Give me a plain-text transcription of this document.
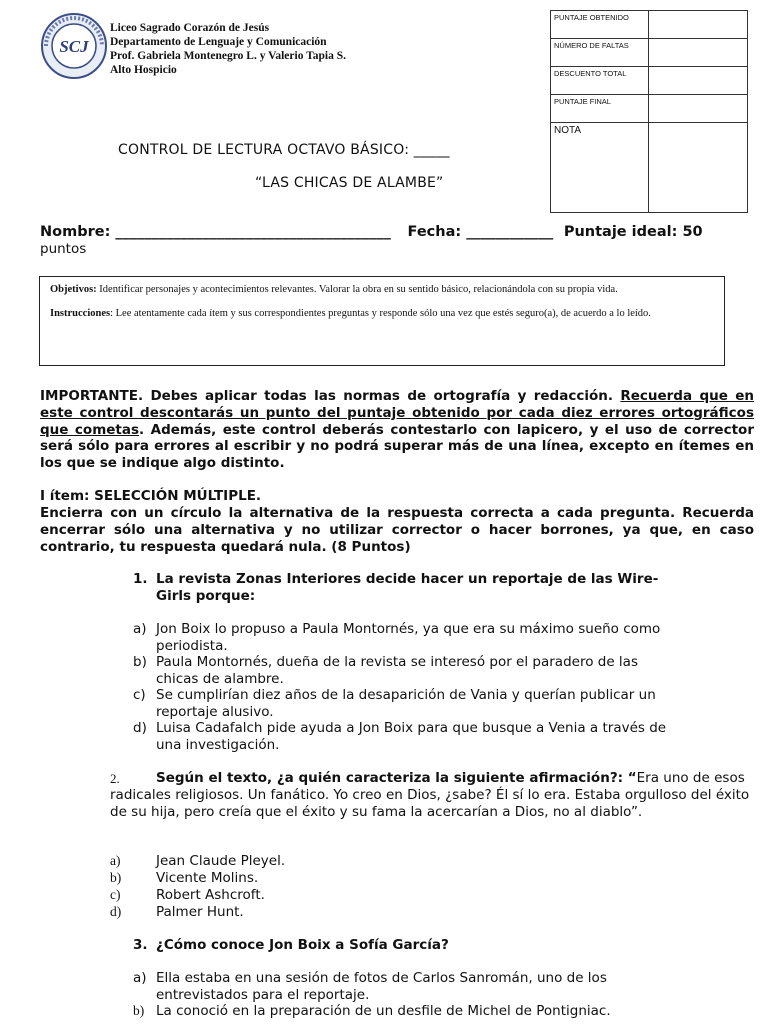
SCJ
Liceo Sagrado Corazón de Jesús
Departamento de Lenguaje y Comunicación
Prof. Gabriela Montenegro L. y Valerio Tapia S.
Alto Hospicio
PUNTAJE OBTENIDO	
NÚMERO DE FALTAS	
DESCUENTO TOTAL	
PUNTAJE FINAL	
NOTA	
CONTROL DE LECTURA OCTAVO BÁSICO: _____
“LAS CHICAS DE ALAMBE”
Nombre: ______________________________________ Fecha: ____________ Puntaje ideal: 50
puntos

Objetivos: Identificar personajes y acontecimientos relevantes. Valorar la obra en su sentido básico, relacionándola con su propia vida.

Instrucciones: Lee atentamente cada ítem y sus correspondientes preguntas y responde sólo una vez que estés seguro(a), de acuerdo a lo leído.

IMPORTANTE. Debes aplicar todas las normas de ortografía y redacción. Recuerda que en este control descontarás un punto del puntaje obtenido por cada diez errores ortográficos que cometas. Además, este control deberás contestarlo con lapicero, y el uso de corrector será sólo para errores al escribir y no podrá superar más de una línea, excepto en ítemes en los que se indique algo distinto.
I ítem: SELECCIÓN MÚLTIPLE.
Encierra con un círculo la alternativa de la respuesta correcta a cada pregunta. Recuerda encerrar sólo una alternativa y no utilizar corrector o hacer borrones, ya que, en caso contrario, tu respuesta quedará nula. (8 Puntos)
1. La revista Zonas Interiores decide hacer un reportaje de las Wire-
Girls porque:
a) Jon Boix lo propuso a Paula Montornés, ya que era su máximo sueño como
periodista.
b) Paula Montornés, dueña de la revista se interesó por el paradero de las
chicas de alambre.
c) Se cumplirían diez años de la desaparición de Vania y querían publicar un
reportaje alusivo.
d) Luisa Cadafalch pide ayuda a Jon Boix para que busque a Venia a través de
una investigación.
2.	Según el texto, ¿a quién caracteriza la siguiente afirmación?: “Era uno de esos radicales religiosos. Un fanático. Yo creo en Dios, ¿sabe? Él sí lo era. Estaba orgulloso del éxito de su hija, pero creía que el éxito y su fama la acercarían a Dios, no al diablo”.
a)	Jean Claude Pleyel.
b)	Vicente Molins.
c)	Robert Ashcroft.
d)	Palmer Hunt.
3. ¿Cómo conoce Jon Boix a Sofía García?
a) Ella estaba en una sesión de fotos de Carlos Sanromán, uno de los
entrevistados para el reportaje.
b) La conoció en la preparación de un desfile de Michel de Pontigniac.
